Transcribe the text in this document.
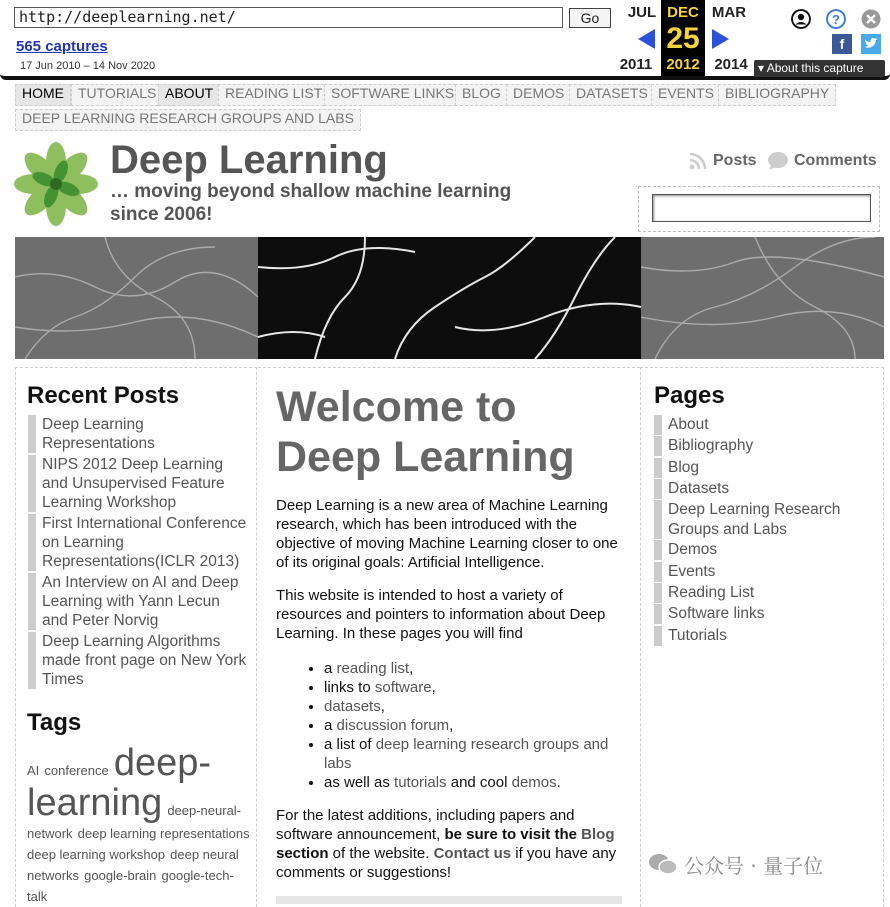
http://deeplearning.net/	Go
565 captures
17 Jun 2010 – 14 Nov 2020
JUL
2011
DEC
25
2012
MAR
2014
?
f
▾ About this capture
HOME	TUTORIALS ABOUT READING LIST SOFTWARE LINKS BLOG DEMOS DATASETS EVENTS BIBLIOGRAPHY
DEEP LEARNING RESEARCH GROUPS AND LABS
Deep Learning
… moving beyond shallow machine learning since 2006!
Posts Comments
Recent Posts
Deep Learning Representations
NIPS 2012 Deep Learning and Unsupervised Feature Learning Workshop
First International Conference on Learning Representations(ICLR 2013)
An Interview on AI and Deep Learning with Yann Lecun and Peter Norvig
Deep Learning Algorithms made front page on New York Times
Tags
AI conference deep-learning deep-neural-network deep learning representations deep learning workshop deep neural networks google-brain google-tech-talk
Welcome to Deep Learning

Deep Learning is a new area of Machine Learning research, which has been introduced with the objective of moving Machine Learning closer to one of its original goals: Artificial Intelligence.

This website is intended to host a variety of resources and pointers to information about Deep Learning. In these pages you will find

• a reading list,
• links to software,
• datasets,
• a discussion forum,
• a list of deep learning research groups and labs
• as well as tutorials and cool demos.

For the latest additions, including papers and software announcement, be sure to visit the Blog section of the website. Contact us if you have any comments or suggestions!

Pages
About
Bibliography
Blog
Datasets
Deep Learning Research Groups and Labs
Demos
Events
Reading List
Software links
Tutorials
公众号 · 量子位
